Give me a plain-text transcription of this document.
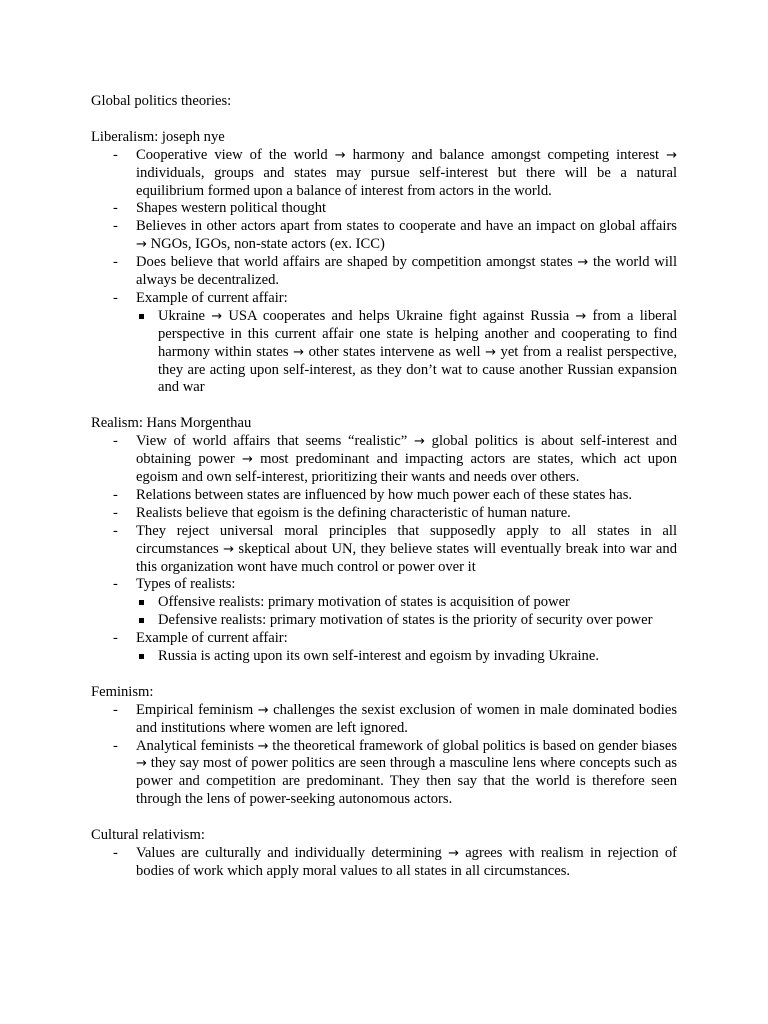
Global politics theories:

Liberalism: joseph nye

- Cooperative view of the world → harmony and balance amongst competing interest → individuals, groups and states may pursue self-interest but there will be a natural equilibrium formed upon a balance of interest from actors in the world.
- Shapes western political thought
- Believes in other actors apart from states to cooperate and have an impact on global affairs → NGOs, IGOs, non-state actors (ex. ICC)
- Does believe that world affairs are shaped by competition amongst states → the world will always be decentralized.
- Example of current affair:
Ukraine → USA cooperates and helps Ukraine fight against Russia → from a liberal perspective in this current affair one state is helping another and cooperating to find harmony within states → other states intervene as well → yet from a realist perspective, they are acting upon self-interest, as they don’t wat to cause another Russian expansion and war

Realism: Hans Morgenthau

- View of world affairs that seems “realistic” → global politics is about self-interest and obtaining power → most predominant and impacting actors are states, which act upon egoism and own self-interest, prioritizing their wants and needs over others.
- Relations between states are influenced by how much power each of these states has.
- Realists believe that egoism is the defining characteristic of human nature.
- They reject universal moral principles that supposedly apply to all states in all circumstances → skeptical about UN, they believe states will eventually break into war and this organization wont have much control or power over it
- Types of realists:
Offensive realists: primary motivation of states is acquisition of power
Defensive realists: primary motivation of states is the priority of security over power
- Example of current affair:
Russia is acting upon its own self-interest and egoism by invading Ukraine.

Feminism:

- Empirical feminism → challenges the sexist exclusion of women in male dominated bodies and institutions where women are left ignored.
- Analytical feminists → the theoretical framework of global politics is based on gender biases → they say most of power politics are seen through a masculine lens where concepts such as power and competition are predominant. They then say that the world is therefore seen through the lens of power-seeking autonomous actors.

Cultural relativism:

- Values are culturally and individually determining → agrees with realism in rejection of bodies of work which apply moral values to all states in all circumstances.
